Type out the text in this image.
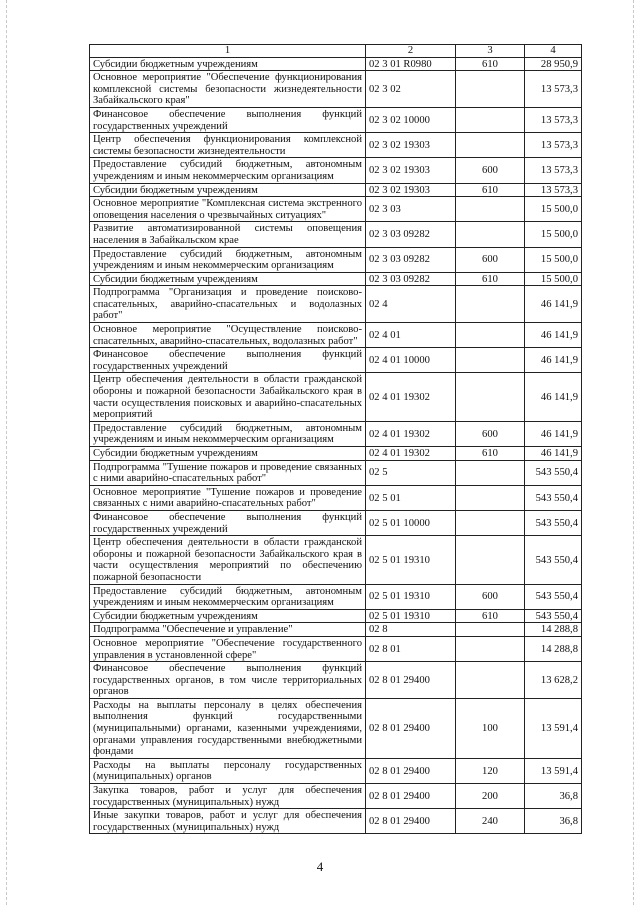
1	2	3	4
Субсидии бюджетным учреждениям	02 3 01 R0980	610	28 950,9
Основное мероприятие "Обеспечение функционирования комплексной системы безопасности жизнедеятельности Забайкальского края"	02 3 02		13 573,3
Финансовое обеспечение выполнения функций государственных учреждений	02 3 02 10000		13 573,3
Центр обеспечения функционирования комплексной системы безопасности жизнедеятельности	02 3 02 19303		13 573,3
Предоставление субсидий бюджетным, автономным учреждениям и иным некоммерческим организациям	02 3 02 19303	600	13 573,3
Субсидии бюджетным учреждениям	02 3 02 19303	610	13 573,3
Основное мероприятие "Комплексная система экстренного оповещения населения о чрезвычайных ситуациях"	02 3 03		15 500,0
Развитие автоматизированной системы оповещения населения в Забайкальском крае	02 3 03 09282		15 500,0
Предоставление субсидий бюджетным, автономным учреждениям и иным некоммерческим организациям	02 3 03 09282	600	15 500,0
Субсидии бюджетным учреждениям	02 3 03 09282	610	15 500,0
Подпрограмма "Организация и проведение поисково-спасательных, аварийно-спасательных и водолазных работ"	02 4		46 141,9
Основное мероприятие "Осуществление поисково-спасательных, аварийно-спасательных, водолазных работ"	02 4 01		46 141,9
Финансовое обеспечение выполнения функций государственных учреждений	02 4 01 10000		46 141,9
Центр обеспечения деятельности в области гражданской обороны и пожарной безопасности Забайкальского края в части осуществления поисковых и аварийно-спасательных мероприятий	02 4 01 19302		46 141,9
Предоставление субсидий бюджетным, автономным учреждениям и иным некоммерческим организациям	02 4 01 19302	600	46 141,9
Субсидии бюджетным учреждениям	02 4 01 19302	610	46 141,9
Подпрограмма "Тушение пожаров и проведение связанных с ними аварийно-спасательных работ"	02 5		543 550,4
Основное мероприятие "Тушение пожаров и проведение связанных с ними аварийно-спасательных работ"	02 5 01		543 550,4
Финансовое обеспечение выполнения функций государственных учреждений	02 5 01 10000		543 550,4
Центр обеспечения деятельности в области гражданской обороны и пожарной безопасности Забайкальского края в части осуществления мероприятий по обеспечению пожарной безопасности	02 5 01 19310		543 550,4
Предоставление субсидий бюджетным, автономным учреждениям и иным некоммерческим организациям	02 5 01 19310	600	543 550,4
Субсидии бюджетным учреждениям	02 5 01 19310	610	543 550,4
Подпрограмма "Обеспечение и управление"	02 8		14 288,8
Основное мероприятие "Обеспечение государственного управления в установленной сфере"	02 8 01		14 288,8
Финансовое обеспечение выполнения функций государственных органов, в том числе территориальных органов	02 8 01 29400		13 628,2
Расходы на выплаты персоналу в целях обеспечения выполнения функций государственными (муниципальными) органами, казенными учреждениями, органами управления государственными внебюджетными фондами	02 8 01 29400	100	13 591,4
Расходы на выплаты персоналу государственных (муниципальных) органов	02 8 01 29400	120	13 591,4
Закупка товаров, работ и услуг для обеспечения государственных (муниципальных) нужд	02 8 01 29400	200	36,8
Иные закупки товаров, работ и услуг для обеспечения государственных (муниципальных) нужд	02 8 01 29400	240	36,8
4
